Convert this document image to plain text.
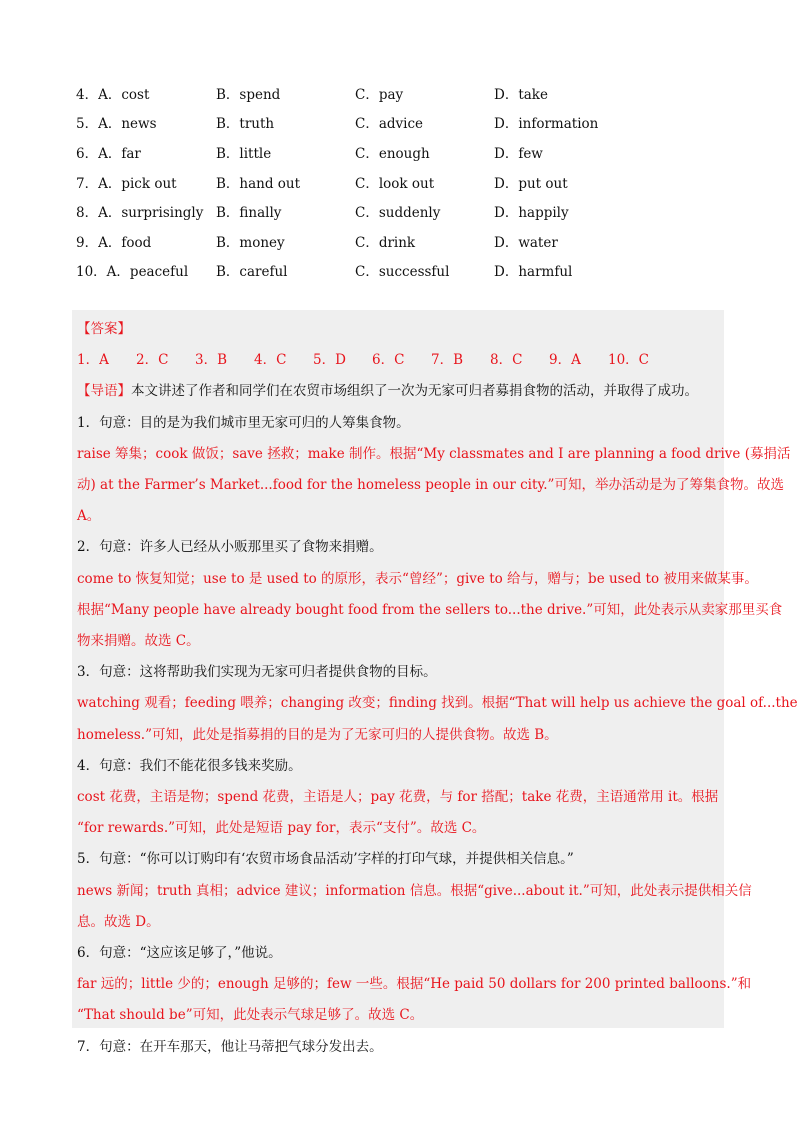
4．A．cost	B．spend	C．pay	D．take
5．A．news	B．truth	C．advice	D．information
6．A．far	B．little	C．enough	D．few
7．A．pick out	B．hand out	C．look out	D．put out
8．A．surprisingly B．finally	C．suddenly	D．happily
9．A．food	B．money	C．drink	D．water
10．A．peaceful	B．careful	C．successful	D．harmful
【答案】
1．A	2．C	3．B	4．C	5．D	6．C	7．B	8．C	9．A	10．C
【导语】本文讲述了作者和同学们在农贸市场组织了一次为无家可归者募捐食物的活动，并取得了成功。
1．句意：目的是为我们城市里无家可归的人筹集食物。
raise 筹集；cook 做饭；save 拯救；make 制作。根据“My classmates and I are planning a food drive (募捐活
动) at the Farmer’s Market...food for the homeless people in our city.”可知，举办活动是为了筹集食物。故选
A。
2．句意：许多人已经从小贩那里买了食物来捐赠。
come to 恢复知觉；use to 是 used to 的原形，表示“曾经”；give to 给与，赠与；be used to 被用来做某事。
根据“Many people have already bought food from the sellers to...the drive.”可知，此处表示从卖家那里买食
物来捐赠。故选 C。
3．句意：这将帮助我们实现为无家可归者提供食物的目标。
watching 观看；feeding 喂养；changing 改变；finding 找到。根据“That will help us achieve the goal of...the
homeless.”可知，此处是指募捐的目的是为了无家可归的人提供食物。故选 B。
4．句意：我们不能花很多钱来奖励。
cost 花费，主语是物；spend 花费，主语是人；pay 花费，与 for 搭配；take 花费，主语通常用 it。根据
“for rewards.”可知，此处是短语 pay for，表示“支付”。故选 C。
5．句意：“你可以订购印有‘农贸市场食品活动’字样的打印气球，并提供相关信息。”
news 新闻；truth 真相；advice 建议；information 信息。根据“give...about it.”可知，此处表示提供相关信
息。故选 D。
6．句意：“这应该足够了，”他说。
far 远的；little 少的；enough 足够的；few 一些。根据“He paid 50 dollars for 200 printed balloons.”和
“That should be”可知，此处表示气球足够了。故选 C。
7．句意：在开车那天，他让马蒂把气球分发出去。
